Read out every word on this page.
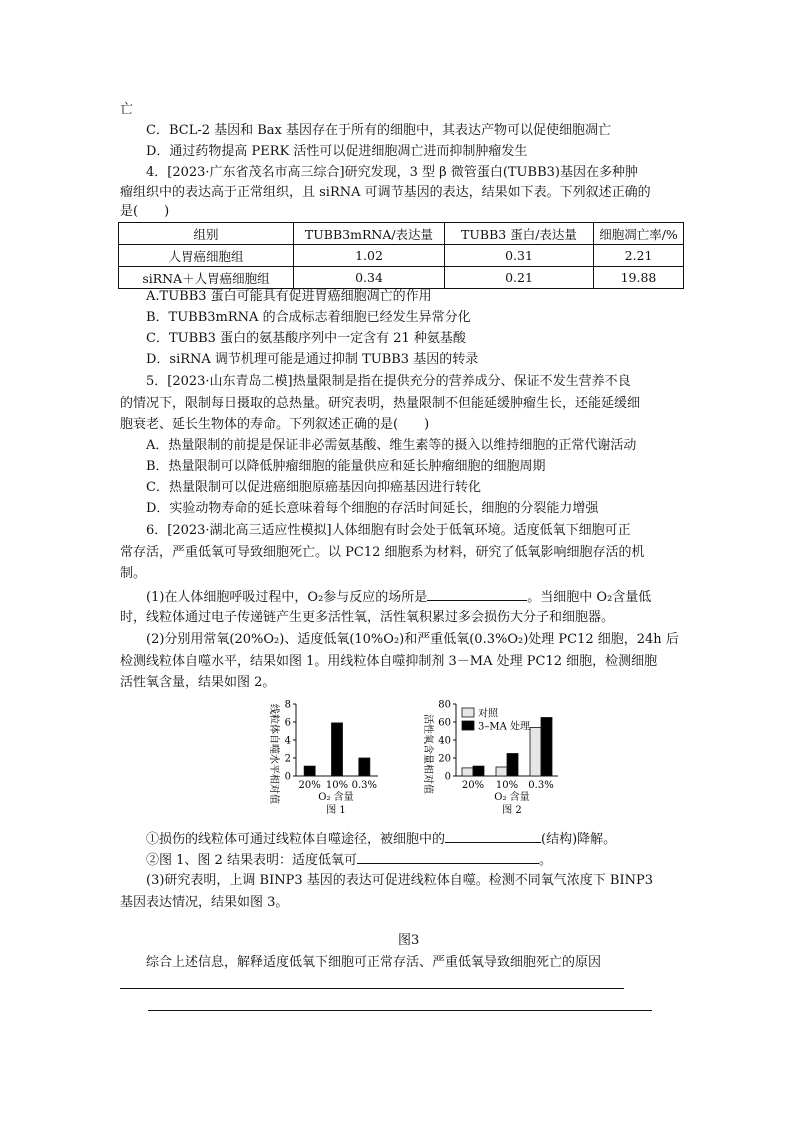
亡
C．BCL-2 基因和 Bax 基因存在于所有的细胞中，其表达产物可以促使细胞凋亡
D．通过药物提高 PERK 活性可以促进细胞凋亡进而抑制肿瘤发生
4．[2023·广东省茂名市高三综合]研究发现，3 型 β 微管蛋白(TUBB3)基因在多种肿
瘤组织中的表达高于正常组织，且 siRNA 可调节基因的表达，结果如下表。下列叙述正确的
是(　　)
组别	TUBB3mRNA/表达量	TUBB3 蛋白/表达量	细胞凋亡率/%
人胃癌细胞组	1.02	0.31	2.21
siRNA＋人胃癌细胞组	0.34	0.21	19.88
A.TUBB3 蛋白可能具有促进胃癌细胞凋亡的作用
B．TUBB3mRNA 的合成标志着细胞已经发生异常分化
C．TUBB3 蛋白的氨基酸序列中一定含有 21 种氨基酸
D．siRNA 调节机理可能是通过抑制 TUBB3 基因的转录
5．[2023·山东青岛二模]热量限制是指在提供充分的营养成分、保证不发生营养不良
的情况下，限制每日摄取的总热量。研究表明，热量限制不但能延缓肿瘤生长，还能延缓细
胞衰老、延长生物体的寿命。下列叙述正确的是(　　)
A．热量限制的前提是保证非必需氨基酸、维生素等的摄入以维持细胞的正常代谢活动
B．热量限制可以降低肿瘤细胞的能量供应和延长肿瘤细胞的细胞周期
C．热量限制可以促进癌细胞原癌基因向抑癌基因进行转化
D．实验动物寿命的延长意味着每个细胞的存活时间延长，细胞的分裂能力增强
6．[2023·湖北高三适应性模拟]人体细胞有时会处于低氧环境。适度低氧下细胞可正
常存活，严重低氧可导致细胞死亡。以 PC12 细胞系为材料，研究了低氧影响细胞存活的机
制。
(1)在人体细胞呼吸过程中，O₂参与反应的场所是	。当细胞中 O₂含量低
时，线粒体通过电子传递链产生更多活性氧，活性氧积累过多会损伤大分子和细胞器。
(2)分别用常氧(20%O₂)、适度低氧(10%O₂)和严重低氧(0.3%O₂)处理 PC12 细胞，24h 后
检测线粒体自噬水平，结果如图 1。用线粒体自噬抑制剂 3－MA 处理 PC12 细胞，检测细胞
活性氧含量，结果如图 2。
线粒体自噬水平相对值 0
2
4
6
8
20% 10% 0.3%
O₂ 含量
图 1
活性氧含量相对值 0
20
40
60
80
20% 10% 0.3%
对照
3–MA 处理
O₂ 含量
图 2
①损伤的线粒体可通过线粒体自噬途径，被细胞中的	(结构)降解。
②图 1、图 2 结果表明：适度低氧可	。
(3)研究表明，上调 BINP3 基因的表达可促进线粒体自噬。检测不同氧气浓度下 BINP3
基因表达情况，结果如图 3。
图3
综合上述信息，解释适度低氧下细胞可正常存活、严重低氧导致细胞死亡的原因
